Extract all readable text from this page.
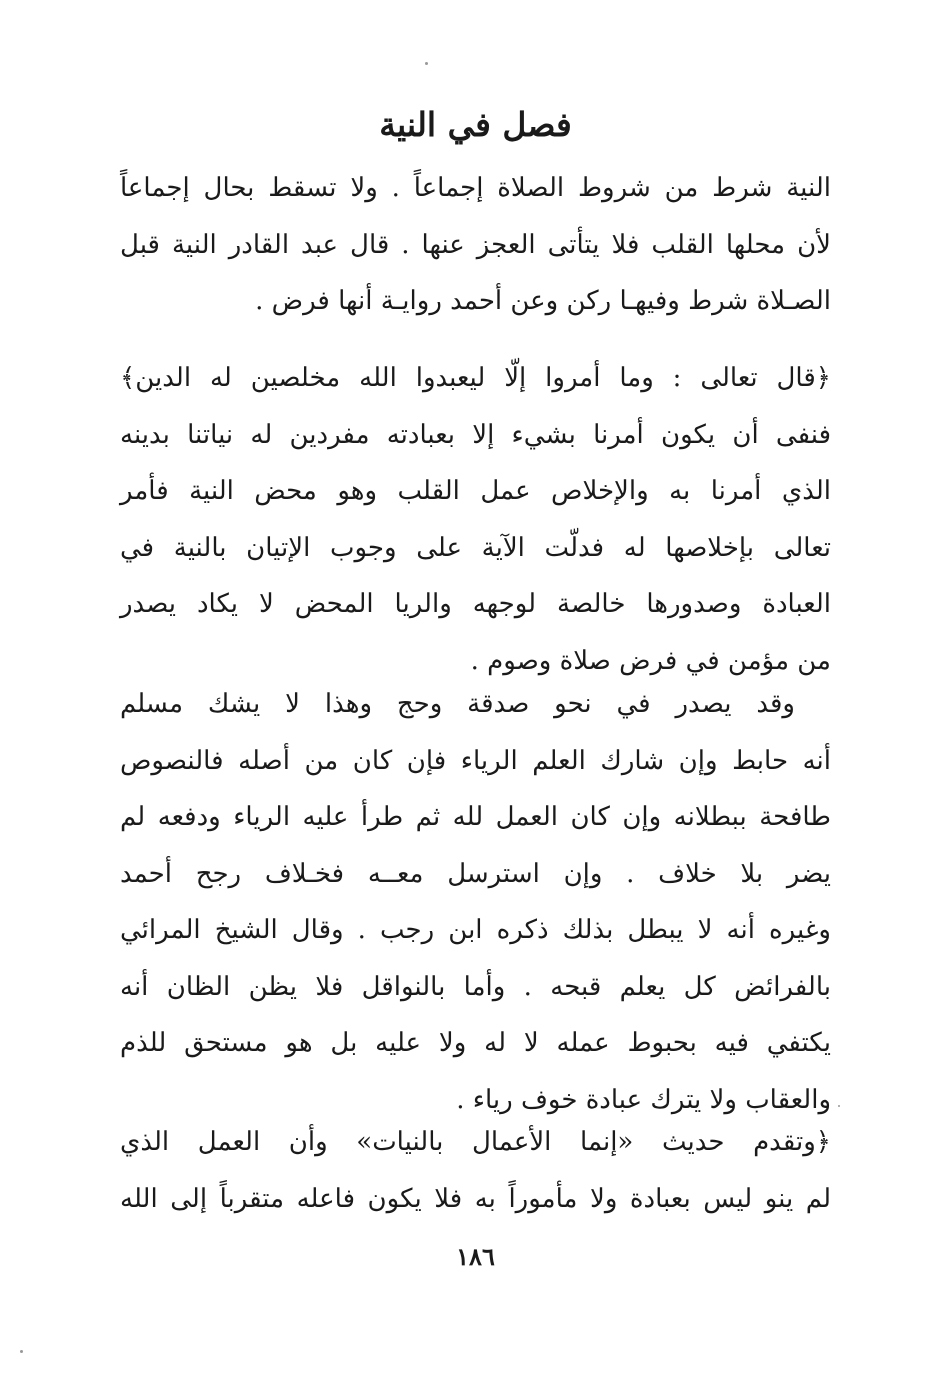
فصل في النية
النية شرط من شروط الصلاة إجماعاً . ولا تسقط بحال إجماعاً
لأن محلها القلب فلا يتأتى العجز عنها . قال عبد القادر النية قبل
الصـلاة شرط وفيهـا ركن وعن أحمد روايـة أنها فرض .
﴿قال تعالى : وما أمروا إلّا ليعبدوا الله مخلصين له الدين﴾
فنفى أن يكون أمرنا بشيء إلا بعبادته مفردين له نياتنا بدينه
الذي أمرنا به والإخلاص عمل القلب وهو محض النية فأمر
تعالى بإخلاصها له فدلّت الآية على وجوب الإتيان بالنية في
العبادة وصدورها خالصة لوجهه والريا المحض لا يكاد يصدر
من مؤمن في فرض صلاة وصوم .
وقد يصدر في نحو صدقة وحج وهذا لا يشك مسلم
أنه حابط وإن شارك العلم الرياء فإن كان من أصله فالنصوص
طافحة ببطلانه وإن كان العمل لله ثم طرأ عليه الرياء ودفعه لم
يضر بلا خلاف . وإن استرسل معــه فخـلاف رجح أحمد
وغيره أنه لا يبطل بذلك ذكره ابن رجب . وقال الشيخ المرائي
بالفرائض كل يعلم قبحه . وأما بالنواقل فلا يظن الظان أنه
يكتفي فيه بحبوط عمله لا له ولا عليه بل هو مستحق للذم
والعقاب ولا يترك عبادة خوف رياء .
﴿وتقدم حديث «إنما الأعمال بالنيات» وأن العمل الذي
لم ينو ليس بعبادة ولا مأموراً به فلا يكون فاعله متقرباً إلى الله
١٨٦
